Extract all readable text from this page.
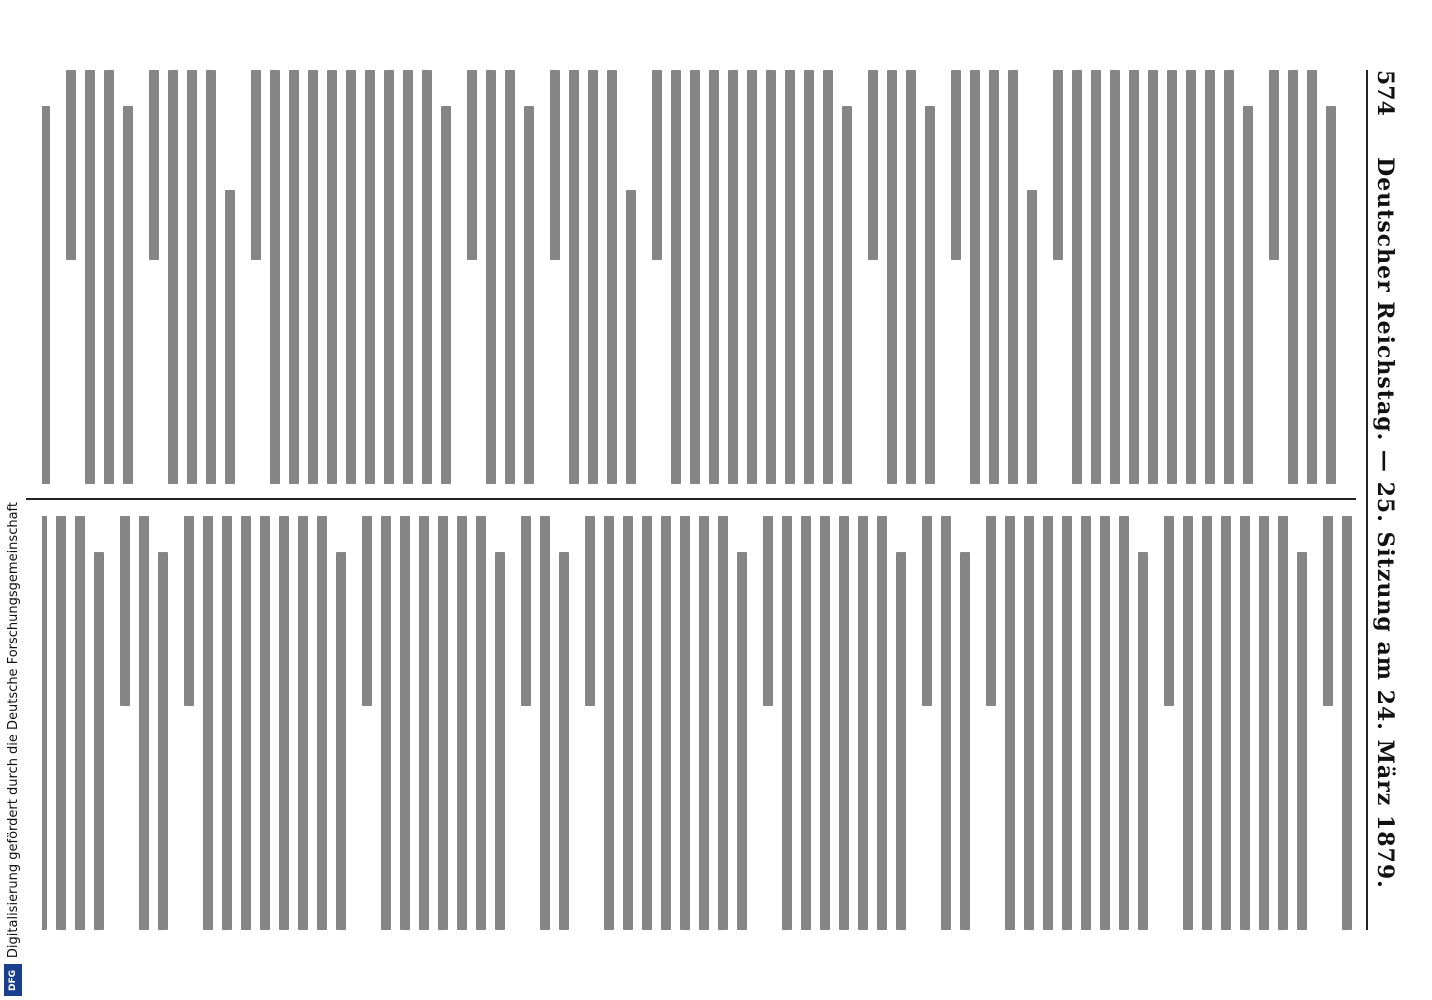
574
Deutscher Reichstag. — 25. Sitzung am 24. März 1879.
Digitalisierung gefördert durch die Deutsche Forschungsgemeinschaft
DFG
